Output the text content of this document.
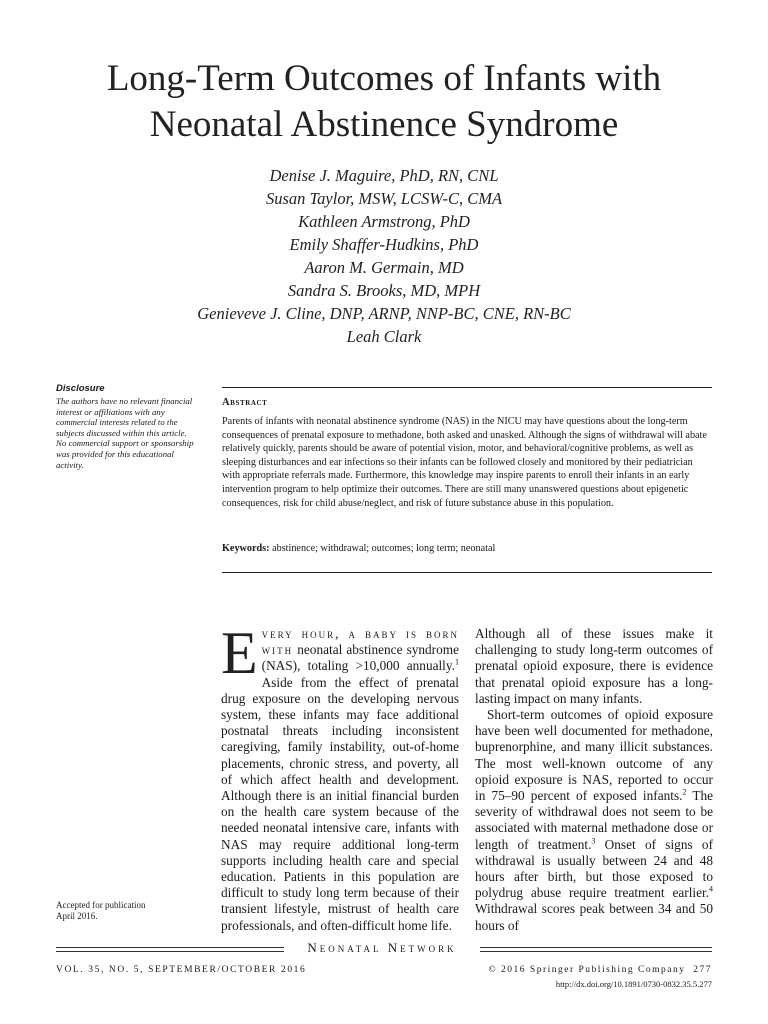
Long-Term Outcomes of Infants with
Neonatal Abstinence Syndrome
Denise J. Maguire, PhD, RN, CNL
Susan Taylor, MSW, LCSW-C, CMA
Kathleen Armstrong, PhD
Emily Shaffer-Hudkins, PhD
Aaron M. Germain, MD
Sandra S. Brooks, MD, MPH
Genieveve J. Cline, DNP, ARNP, NNP-BC, CNE, RN-BC
Leah Clark
Disclosure
The authors have no relevant financial interest or affiliations with any commercial interests related to the subjects discussed within this article.
No commercial support or sponsorship was provided for this educational activity.
Abstract

Parents of infants with neonatal abstinence syndrome (NAS) in the NICU may have questions about the long-term consequences of prenatal exposure to methadone, both asked and unasked. Although the signs of withdrawal will abate relatively quickly, parents should be aware of potential vision, motor, and behavioral/cognitive problems, as well as sleeping disturbances and ear infections so their infants can be followed closely and monitored by their pediatrician with appropriate referrals made. Furthermore, this knowledge may inspire parents to enroll their infants in an early intervention program to help optimize their outcomes. There are still many unanswered questions about epigenetic consequences, risk for child abuse/neglect, and risk of future substance abuse in this population.

Keywords: abstinence; withdrawal; outcomes; long term; neonatal

Every hour, a baby is born with neonatal abstinence syndrome (NAS), totaling >10,000 annually.$^1$ Aside from the effect of prenatal drug exposure on the developing nervous system, these infants may face additional postnatal threats including inconsistent caregiving, family instability, out-of-home placements, chronic stress, and poverty, all of which affect health and development. Although there is an initial financial burden on the health care system because of the needed neonatal intensive care, infants with NAS may require additional long-term supports including health care and special education. Patients in this population are difficult to study long term because of their transient lifestyle, mistrust of health care professionals, and often-difficult home life.

Although all of these issues make it challenging to study long-term outcomes of prenatal opioid exposure, there is evidence that prenatal opioid exposure has a long-lasting impact on many infants.

Short-term outcomes of opioid exposure have been well documented for methadone, buprenorphine, and many illicit substances. The most well-known outcome of any opioid exposure is NAS, reported to occur in 75–90 percent of exposed infants.$^2$ The severity of withdrawal does not seem to be associated with maternal methadone dose or length of treatment.$^3$ Onset of signs of withdrawal is usually between 24 and 48 hours after birth, but those exposed to polydrug abuse require treatment earlier.$^4$ Withdrawal scores peak between 34 and 50 hours of

Accepted for publication
April 2016.
Neonatal Network
VOL. 35, NO. 5, SEPTEMBER/OCTOBER 2016	© 2016 Springer Publishing Company 277
http://dx.doi.org/10.1891/0730-0832.35.5.277
